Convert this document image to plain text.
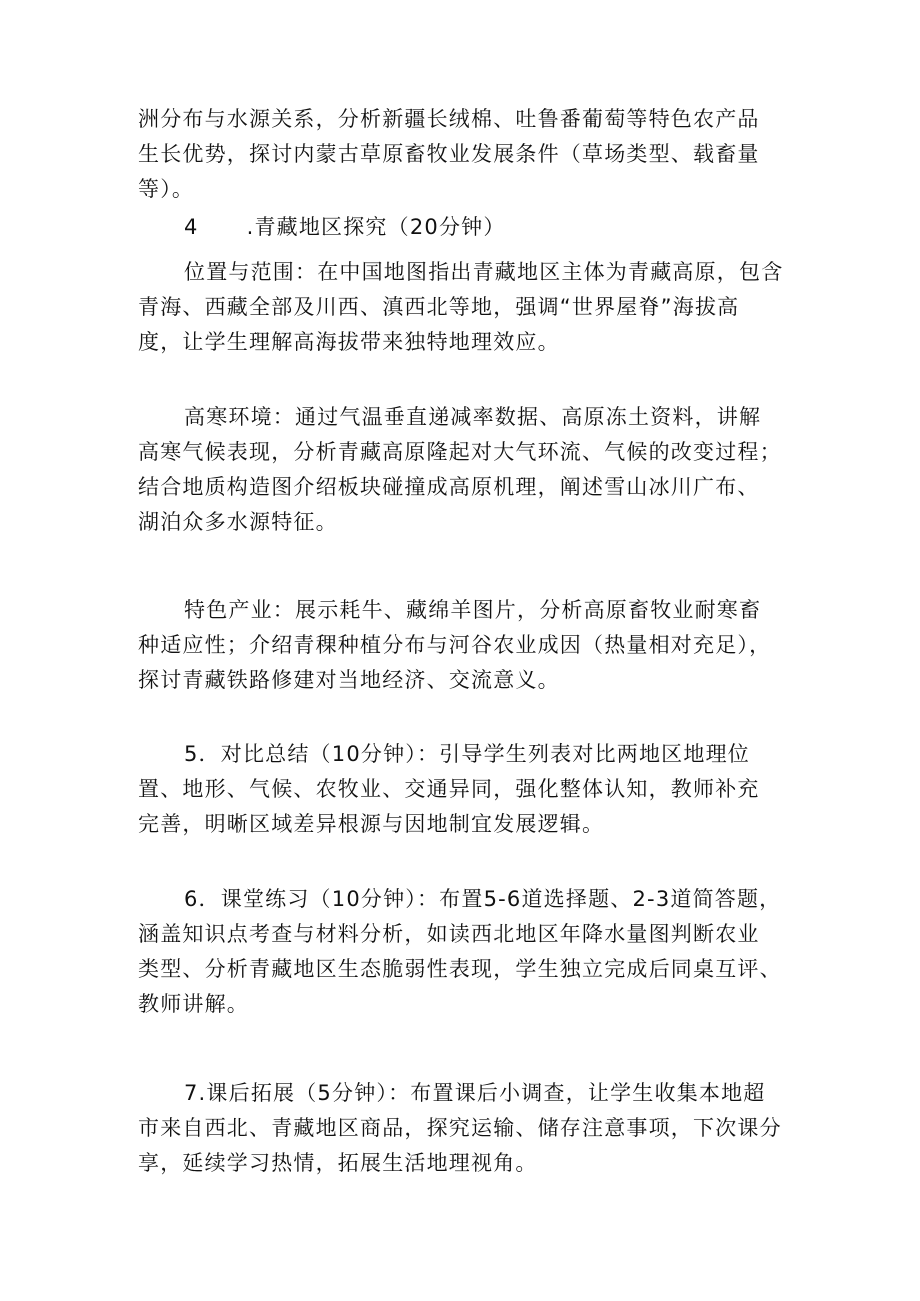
洲分布与水源关系，分析新疆长绒棉、吐鲁番葡萄等特色农产品
生长优势，探讨内蒙古草原畜牧业发展条件（草场类型、载畜量
等）。
4 .青藏地区探究（20分钟）
位置与范围：在中国地图指出青藏地区主体为青藏高原，包含
青海、西藏全部及川西、滇西北等地，强调“世界屋脊”海拔高
度，让学生理解高海拔带来独特地理效应。
高寒环境：通过气温垂直递减率数据、高原冻土资料，讲解
高寒气候表现，分析青藏高原隆起对大气环流、气候的改变过程；
结合地质构造图介绍板块碰撞成高原机理，阐述雪山冰川广布、
湖泊众多水源特征。
特色产业：展示耗牛、藏绵羊图片，分析高原畜牧业耐寒畜
种适应性；介绍青稞种植分布与河谷农业成因（热量相对充足），
探讨青藏铁路修建对当地经济、交流意义。
5．对比总结（10分钟）：引导学生列表对比两地区地理位
置、地形、气候、农牧业、交通异同，强化整体认知，教师补充
完善，明晰区域差异根源与因地制宜发展逻辑。
6．课堂练习（10分钟）：布置5-6道选择题、2-3道简答题，
涵盖知识点考查与材料分析，如读西北地区年降水量图判断农业
类型、分析青藏地区生态脆弱性表现，学生独立完成后同桌互评、
教师讲解。
7.课后拓展（5分钟）：布置课后小调查，让学生收集本地超
市来自西北、青藏地区商品，探究运输、储存注意事项，下次课分
享，延续学习热情，拓展生活地理视角。
